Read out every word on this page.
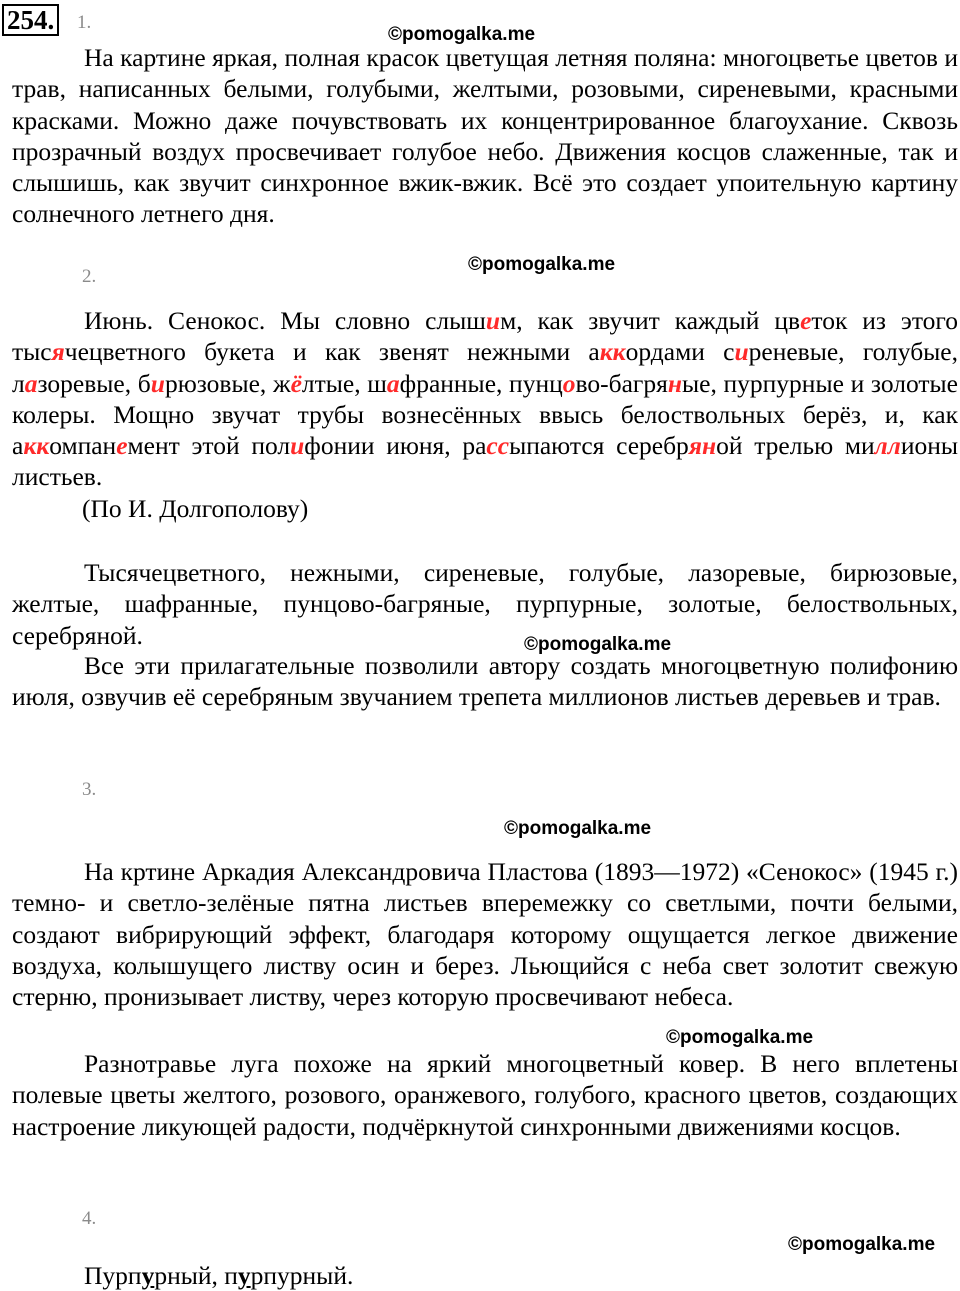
254. 1.
©pomogalka.me

На картине яркая, полная красок цветущая летняя поляна: многоцветье цветов и трав, написанных белыми, голубыми, желтыми, розовыми, сиреневыми, красными красками. Можно даже почувствовать их концентрированное благоухание. Сквозь прозрачный воздух просвечивает голубое небо. Движения косцов слаженные, так и слышишь, как звучит синхронное вжик-вжик. Всё это создает упоительную картину солнечного летнего дня.

2.
©pomogalka.me

Июнь. Сенокос. Мы словно слышим, как звучит каждый цветок из этого тысячецветного букета и как звенят нежными аккордами сиреневые, голубые, лазоревые, бирюзовые, жёлтые, шафранные, пунцово-багряные, пурпурные и золотые колеры. Мощно звучат трубы вознесённых ввысь белоствольных берёз, и, как аккомпанемент этой полифонии июня, рассыпаются серебряной трелью миллионы листьев.

(По И. Долгополову)

Тысячецветного, нежными, сиреневые, голубые, лазоревые, бирюзовые, желтые, шафранные, пунцово-багряные, пурпурные, золотые, белоствольных, серебряной.	©pomogalka.me

Все эти прилагательные позволили автору создать многоцветную полифонию июля, озвучив её серебряным звучанием трепета миллионов листьев деревьев и трав.

3.
©pomogalka.me

На кртине Аркадия Александровича Пластова (1893—1972) «Сенокос» (1945 г.) темно- и светло-зелёные пятна листьев вперемежку со светлыми, почти белыми, создают вибрирующий эффект, благодаря которому ощущается легкое движение воздуха, колышущего листву осин и берез. Льющийся с неба свет золотит свежую стерню, пронизывает листву, через которую просвечивают небеса.

©pomogalka.me

Разнотравье луга похоже на яркий многоцветный ковер. В него вплетены полевые цветы желтого, розового, оранжевого, голубого, красного цветов, создающих настроение ликующей радости, подчёркнутой синхронными движениями косцов.

4.
©pomogalka.me

Пурпурный, пурпурный.
